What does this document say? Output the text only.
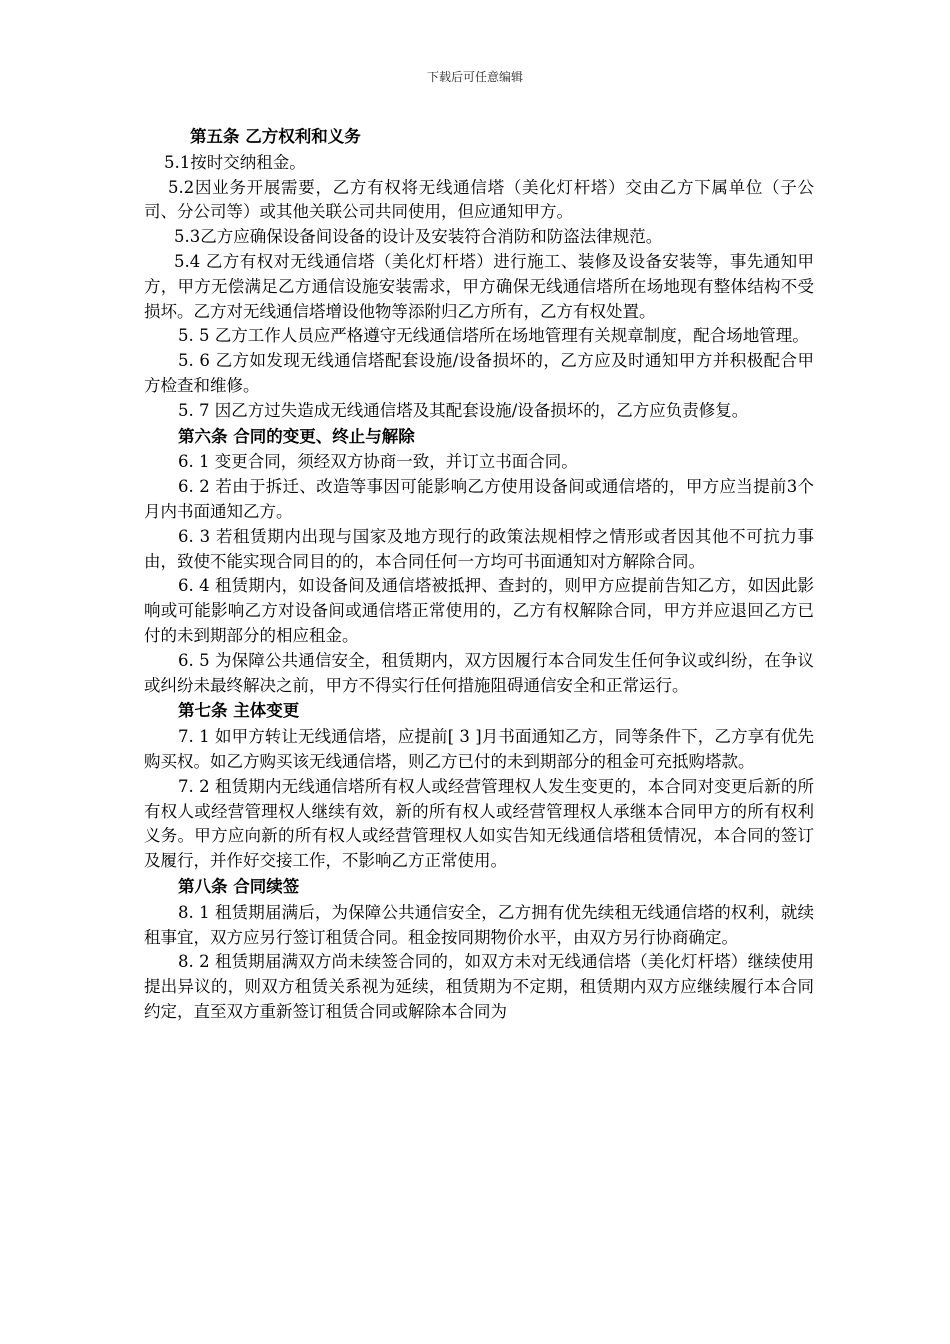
下载后可任意编辑

第五条 乙方权利和义务

5.1按时交纳租金。

5.2因业务开展需要，乙方有权将无线通信塔（美化灯杆塔）交由乙方下属单位（子公司、分公司等）或其他关联公司共同使用，但应通知甲方。

5.3乙方应确保设备间设备的设计及安装符合消防和防盗法律规范。

5.4 乙方有权对无线通信塔（美化灯杆塔）进行施工、装修及设备安装等，事先通知甲方，甲方无偿满足乙方通信设施安装需求，甲方确保无线通信塔所在场地现有整体结构不受损坏。乙方对无线通信塔增设他物等添附归乙方所有，乙方有权处置。

5. 5 乙方工作人员应严格遵守无线通信塔所在场地管理有关规章制度，配合场地管理。

5. 6 乙方如发现无线通信塔配套设施/设备损坏的，乙方应及时通知甲方并积极配合甲方检查和维修。

5. 7 因乙方过失造成无线通信塔及其配套设施/设备损坏的，乙方应负责修复。

第六条 合同的变更、终止与解除

6. 1 变更合同，须经双方协商一致，并订立书面合同。

6. 2 若由于拆迁、改造等事因可能影响乙方使用设备间或通信塔的，甲方应当提前3个月内书面通知乙方。

6. 3 若租赁期内出现与国家及地方现行的政策法规相悖之情形或者因其他不可抗力事由，致使不能实现合同目的的，本合同任何一方均可书面通知对方解除合同。

6. 4 租赁期内，如设备间及通信塔被抵押、查封的，则甲方应提前告知乙方，如因此影响或可能影响乙方对设备间或通信塔正常使用的，乙方有权解除合同，甲方并应退回乙方已付的未到期部分的相应租金。

6. 5 为保障公共通信安全，租赁期内，双方因履行本合同发生任何争议或纠纷，在争议或纠纷未最终解决之前，甲方不得实行任何措施阻碍通信安全和正常运行。

第七条 主体变更

7. 1 如甲方转让无线通信塔，应提前[ 3 ]月书面通知乙方，同等条件下，乙方享有优先购买权。如乙方购买该无线通信塔，则乙方已付的未到期部分的租金可充抵购塔款。

7. 2 租赁期内无线通信塔所有权人或经营管理权人发生变更的，本合同对变更后新的所有权人或经营管理权人继续有效，新的所有权人或经营管理权人承继本合同甲方的所有权利义务。甲方应向新的所有权人或经营管理权人如实告知无线通信塔租赁情况，本合同的签订及履行，并作好交接工作，不影响乙方正常使用。

第八条 合同续签

8. 1 租赁期届满后，为保障公共通信安全，乙方拥有优先续租无线通信塔的权利，就续租事宜，双方应另行签订租赁合同。租金按同期物价水平，由双方另行协商确定。

8. 2 租赁期届满双方尚未续签合同的，如双方未对无线通信塔（美化灯杆塔）继续使用提出异议的，则双方租赁关系视为延续，租赁期为不定期，租赁期内双方应继续履行本合同约定，直至双方重新签订租赁合同或解除本合同为
